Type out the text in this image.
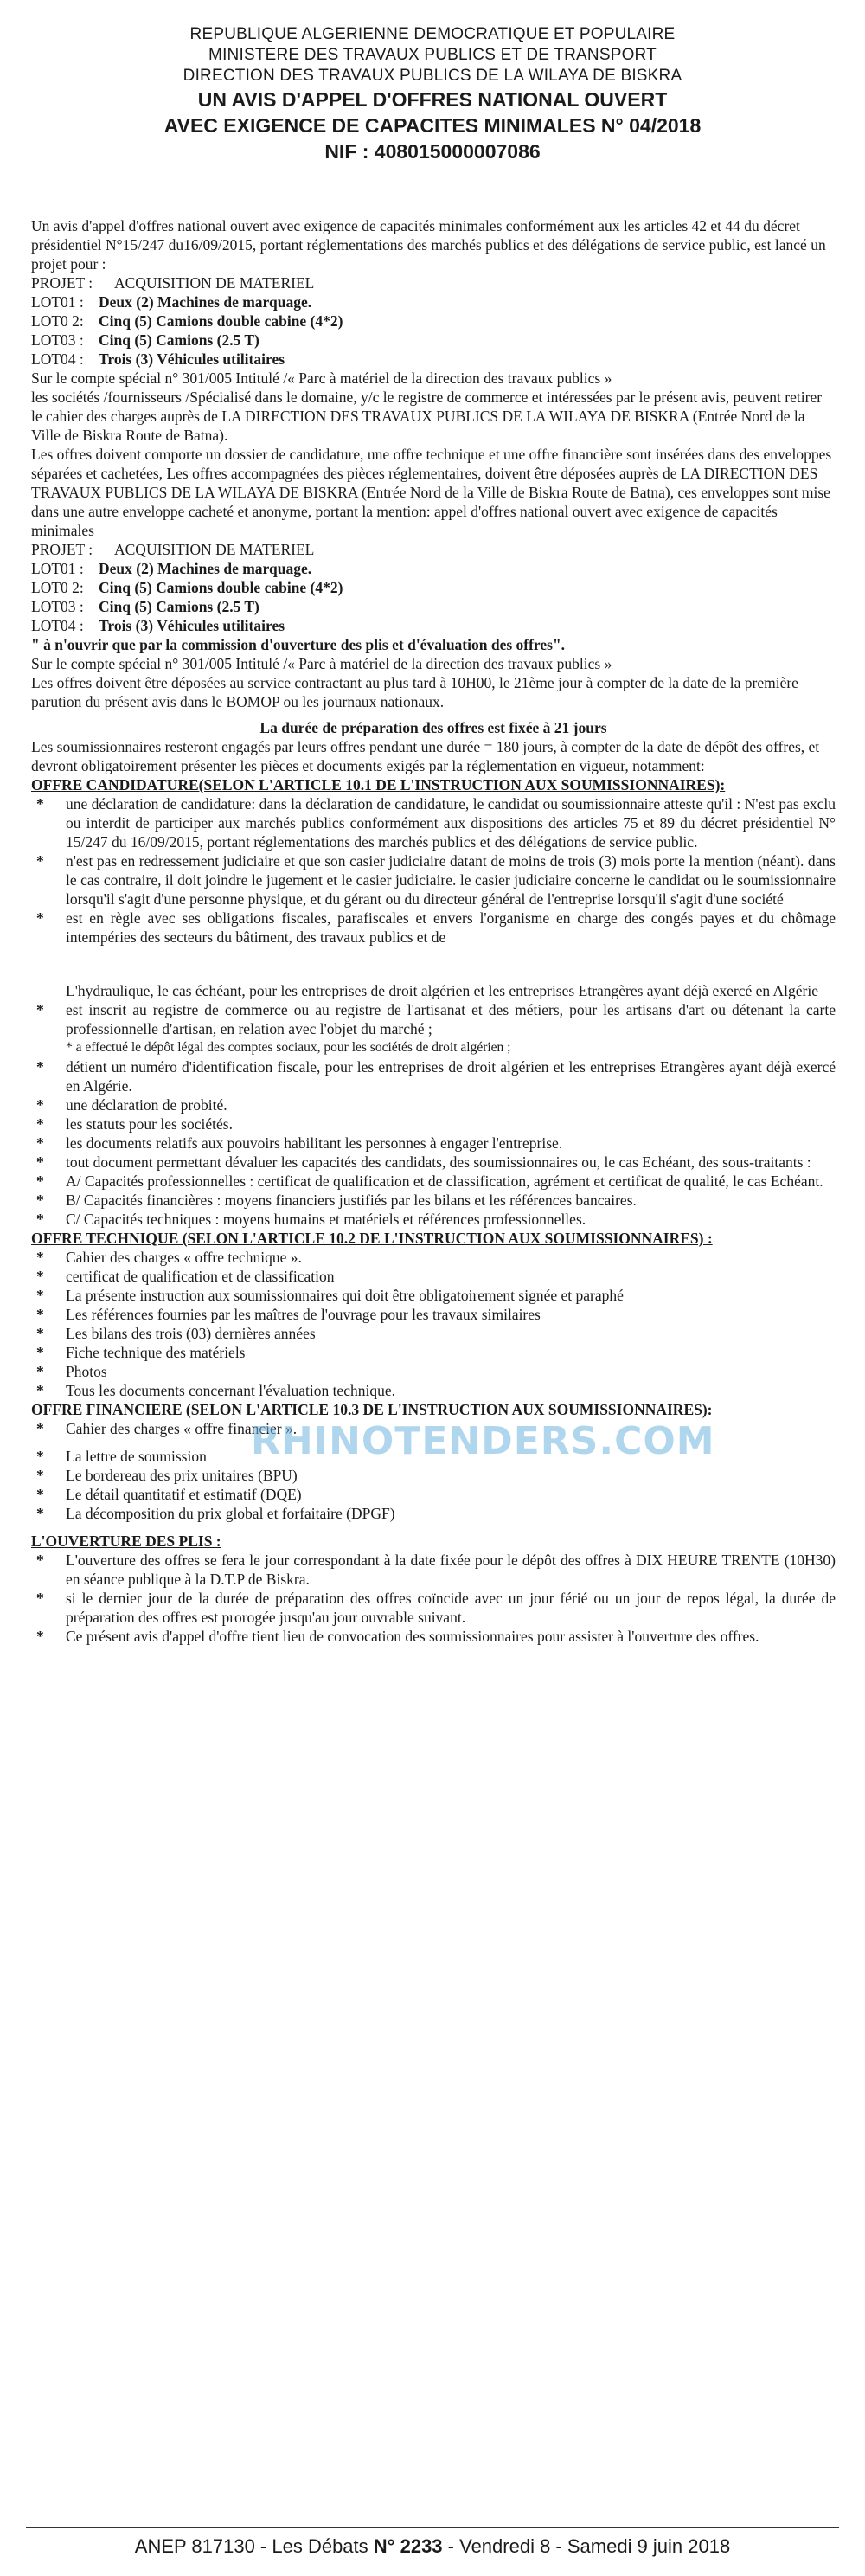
REPUBLIQUE ALGERIENNE DEMOCRATIQUE ET POPULAIRE
MINISTERE DES TRAVAUX PUBLICS ET DE TRANSPORT
DIRECTION DES TRAVAUX PUBLICS DE LA WILAYA DE BISKRA
UN AVIS D'APPEL D'OFFRES NATIONAL OUVERT
AVEC EXIGENCE DE CAPACITES MINIMALES N° 04/2018
NIF : 408015000007086

Un avis d'appel d'offres national ouvert avec exigence de capacités minimales conformément aux les articles 42 et 44 du décret présidentiel N°15/247 du16/09/2015, portant réglementations des marchés publics et des délégations de service public, est lancé un projet pour :

PROJET :	ACQUISITION DE MATERIEL
LOT01 : Deux (2) Machines de marquage.
LOT0 2: Cinq (5) Camions double cabine (4*2)
LOT03 : Cinq (5) Camions (2.5 T)
LOT04 : Trois (3) Véhicules utilitaires

Sur le compte spécial n° 301/005 Intitulé /« Parc à matériel de la direction des travaux publics »

les sociétés /fournisseurs /Spécialisé dans le domaine, y/c le registre de commerce et intéressées par le présent avis, peuvent retirer le cahier des charges auprès de LA DIRECTION DES TRAVAUX PUBLICS DE LA WILAYA DE BISKRA (Entrée Nord de la Ville de Biskra Route de Batna).

Les offres doivent comporte un dossier de candidature, une offre technique et une offre financière sont insérées dans des enveloppes séparées et cachetées, Les offres accompagnées des pièces réglementaires, doivent être déposées auprès de LA DIRECTION DES TRAVAUX PUBLICS DE LA WILAYA DE BISKRA (Entrée Nord de la Ville de Biskra Route de Batna), ces enveloppes sont mise dans une autre enveloppe cacheté et anonyme, portant la mention: appel d'offres national ouvert avec exigence de capacités minimales

PROJET :	ACQUISITION DE MATERIEL
LOT01 : Deux (2) Machines de marquage.
LOT0 2: Cinq (5) Camions double cabine (4*2)
LOT03 : Cinq (5) Camions (2.5 T)
LOT04 : Trois (3) Véhicules utilitaires

" à n'ouvrir que par la commission d'ouverture des plis et d'évaluation des offres".

Sur le compte spécial n° 301/005 Intitulé /« Parc à matériel de la direction des travaux publics »

Les offres doivent être déposées au service contractant au plus tard à 10H00, le 21ème jour à compter de la date de la première parution du présent avis dans le BOMOP ou les journaux nationaux.

La durée de préparation des offres est fixée à 21 jours

Les soumissionnaires resteront engagés par leurs offres pendant une durée = 180 jours, à compter de la date de dépôt des offres, et devront obligatoirement présenter les pièces et documents exigés par la réglementation en vigueur, notamment:

OFFRE CANDIDATURE(SELON L'ARTICLE 10.1 DE L'INSTRUCTION AUX SOUMISSIONNAIRES):

*	une déclaration de candidature: dans la déclaration de candidature, le candidat ou soumissionnaire atteste qu'il : N'est pas exclu ou interdit de participer aux marchés publics conformément aux dispositions des articles 75 et 89 du décret présidentiel N° 15/247 du 16/09/2015, portant réglementations des marchés publics et des délégations de service public.
*	n'est pas en redressement judiciaire et que son casier judiciaire datant de moins de trois (3) mois porte la mention (néant). dans le cas contraire, il doit joindre le jugement et le casier judiciaire. le casier judiciaire concerne le candidat ou le soumissionnaire lorsqu'il s'agit d'une personne physique, et du gérant ou du directeur général de l'entreprise lorsqu'il s'agit d'une société
*	est en règle avec ses obligations fiscales, parafiscales et envers l'organisme en charge des congés payes et du chômage intempéries des secteurs du bâtiment, des travaux publics et de

L'hydraulique, le cas échéant, pour les entreprises de droit algérien et les entreprises Etrangères ayant déjà exercé en Algérie

*	est inscrit au registre de commerce ou au registre de l'artisanat et des métiers, pour les artisans d'art ou détenant la carte professionnelle d'artisan, en relation avec l'objet du marché ;

* a effectué le dépôt légal des comptes sociaux, pour les sociétés de droit algérien ;

*	détient un numéro d'identification fiscale, pour les entreprises de droit algérien et les entreprises Etrangères ayant déjà exercé en Algérie.
*	une déclaration de probité.
*	les statuts pour les sociétés.
*	les documents relatifs aux pouvoirs habilitant les personnes à engager l'entreprise.
*	tout document permettant dévaluer les capacités des candidats, des soumissionnaires ou, le cas Echéant, des sous-traitants :
*	A/ Capacités professionnelles : certificat de qualification et de classification, agrément et certificat de qualité, le cas Echéant.
*	B/ Capacités financières : moyens financiers justifiés par les bilans et les références bancaires.
*	C/ Capacités techniques : moyens humains et matériels et références professionnelles.

OFFRE TECHNIQUE (SELON L'ARTICLE 10.2 DE L'INSTRUCTION AUX SOUMISSIONNAIRES) :

*	Cahier des charges « offre technique ».
*	certificat de qualification et de classification
*	La présente instruction aux soumissionnaires qui doit être obligatoirement signée et paraphé
*	Les références fournies par les maîtres de l'ouvrage pour les travaux similaires
*	Les bilans des trois (03) dernières années
*	Fiche technique des matériels
*	Photos
*	Tous les documents concernant l'évaluation technique.

OFFRE FINANCIERE (SELON L'ARTICLE 10.3 DE L'INSTRUCTION AUX SOUMISSIONNAIRES):

*	Cahier des charges « offre financier ».
*	La lettre de soumission
*	Le bordereau des prix unitaires (BPU)
*	Le détail quantitatif et estimatif (DQE)
*	La décomposition du prix global et forfaitaire (DPGF)

L'OUVERTURE DES PLIS :

*	L'ouverture des offres se fera le jour correspondant à la date fixée pour le dépôt des offres à DIX HEURE TRENTE (10H30) en séance publique à la D.T.P de Biskra.
*	si le dernier jour de la durée de préparation des offres coïncide avec un jour férié ou un jour de repos légal, la durée de préparation des offres est prorogée jusqu'au jour ouvrable suivant.
*	Ce présent avis d'appel d'offre tient lieu de convocation des soumissionnaires pour assister à l'ouverture des offres.
RHINOTENDERS.COM
ANEP 817130 - Les Débats N° 2233 - Vendredi 8 - Samedi 9 juin 2018
